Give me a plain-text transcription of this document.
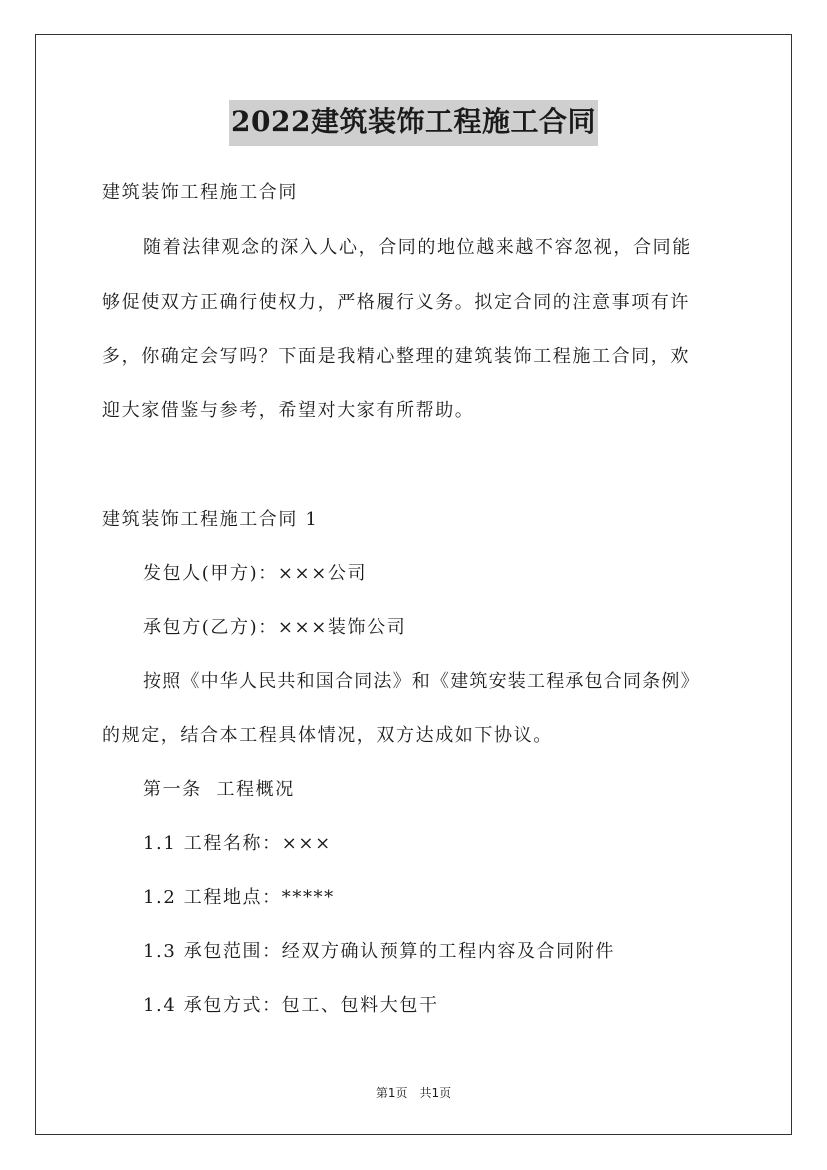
2022建筑装饰工程施工合同
建筑装饰工程施工合同
随着法律观念的深入人心，合同的地位越来越不容忽视，合同能
够促使双方正确行使权力，严格履行义务。拟定合同的注意事项有许
多，你确定会写吗？下面是我精心整理的建筑装饰工程施工合同，欢
迎大家借鉴与参考，希望对大家有所帮助。
建筑装饰工程施工合同 1
发包人(甲方)：×××公司
承包方(乙方)：×××装饰公司
按照《中华人民共和国合同法》和《建筑安装工程承包合同条例》
的规定，结合本工程具体情况，双方达成如下协议。
第一条  工程概况
1.1 工程名称：×××
1.2 工程地点：*****
1.3 承包范围：经双方确认预算的工程内容及合同附件
1.4 承包方式：包工、包料大包干
第1页 共1页
